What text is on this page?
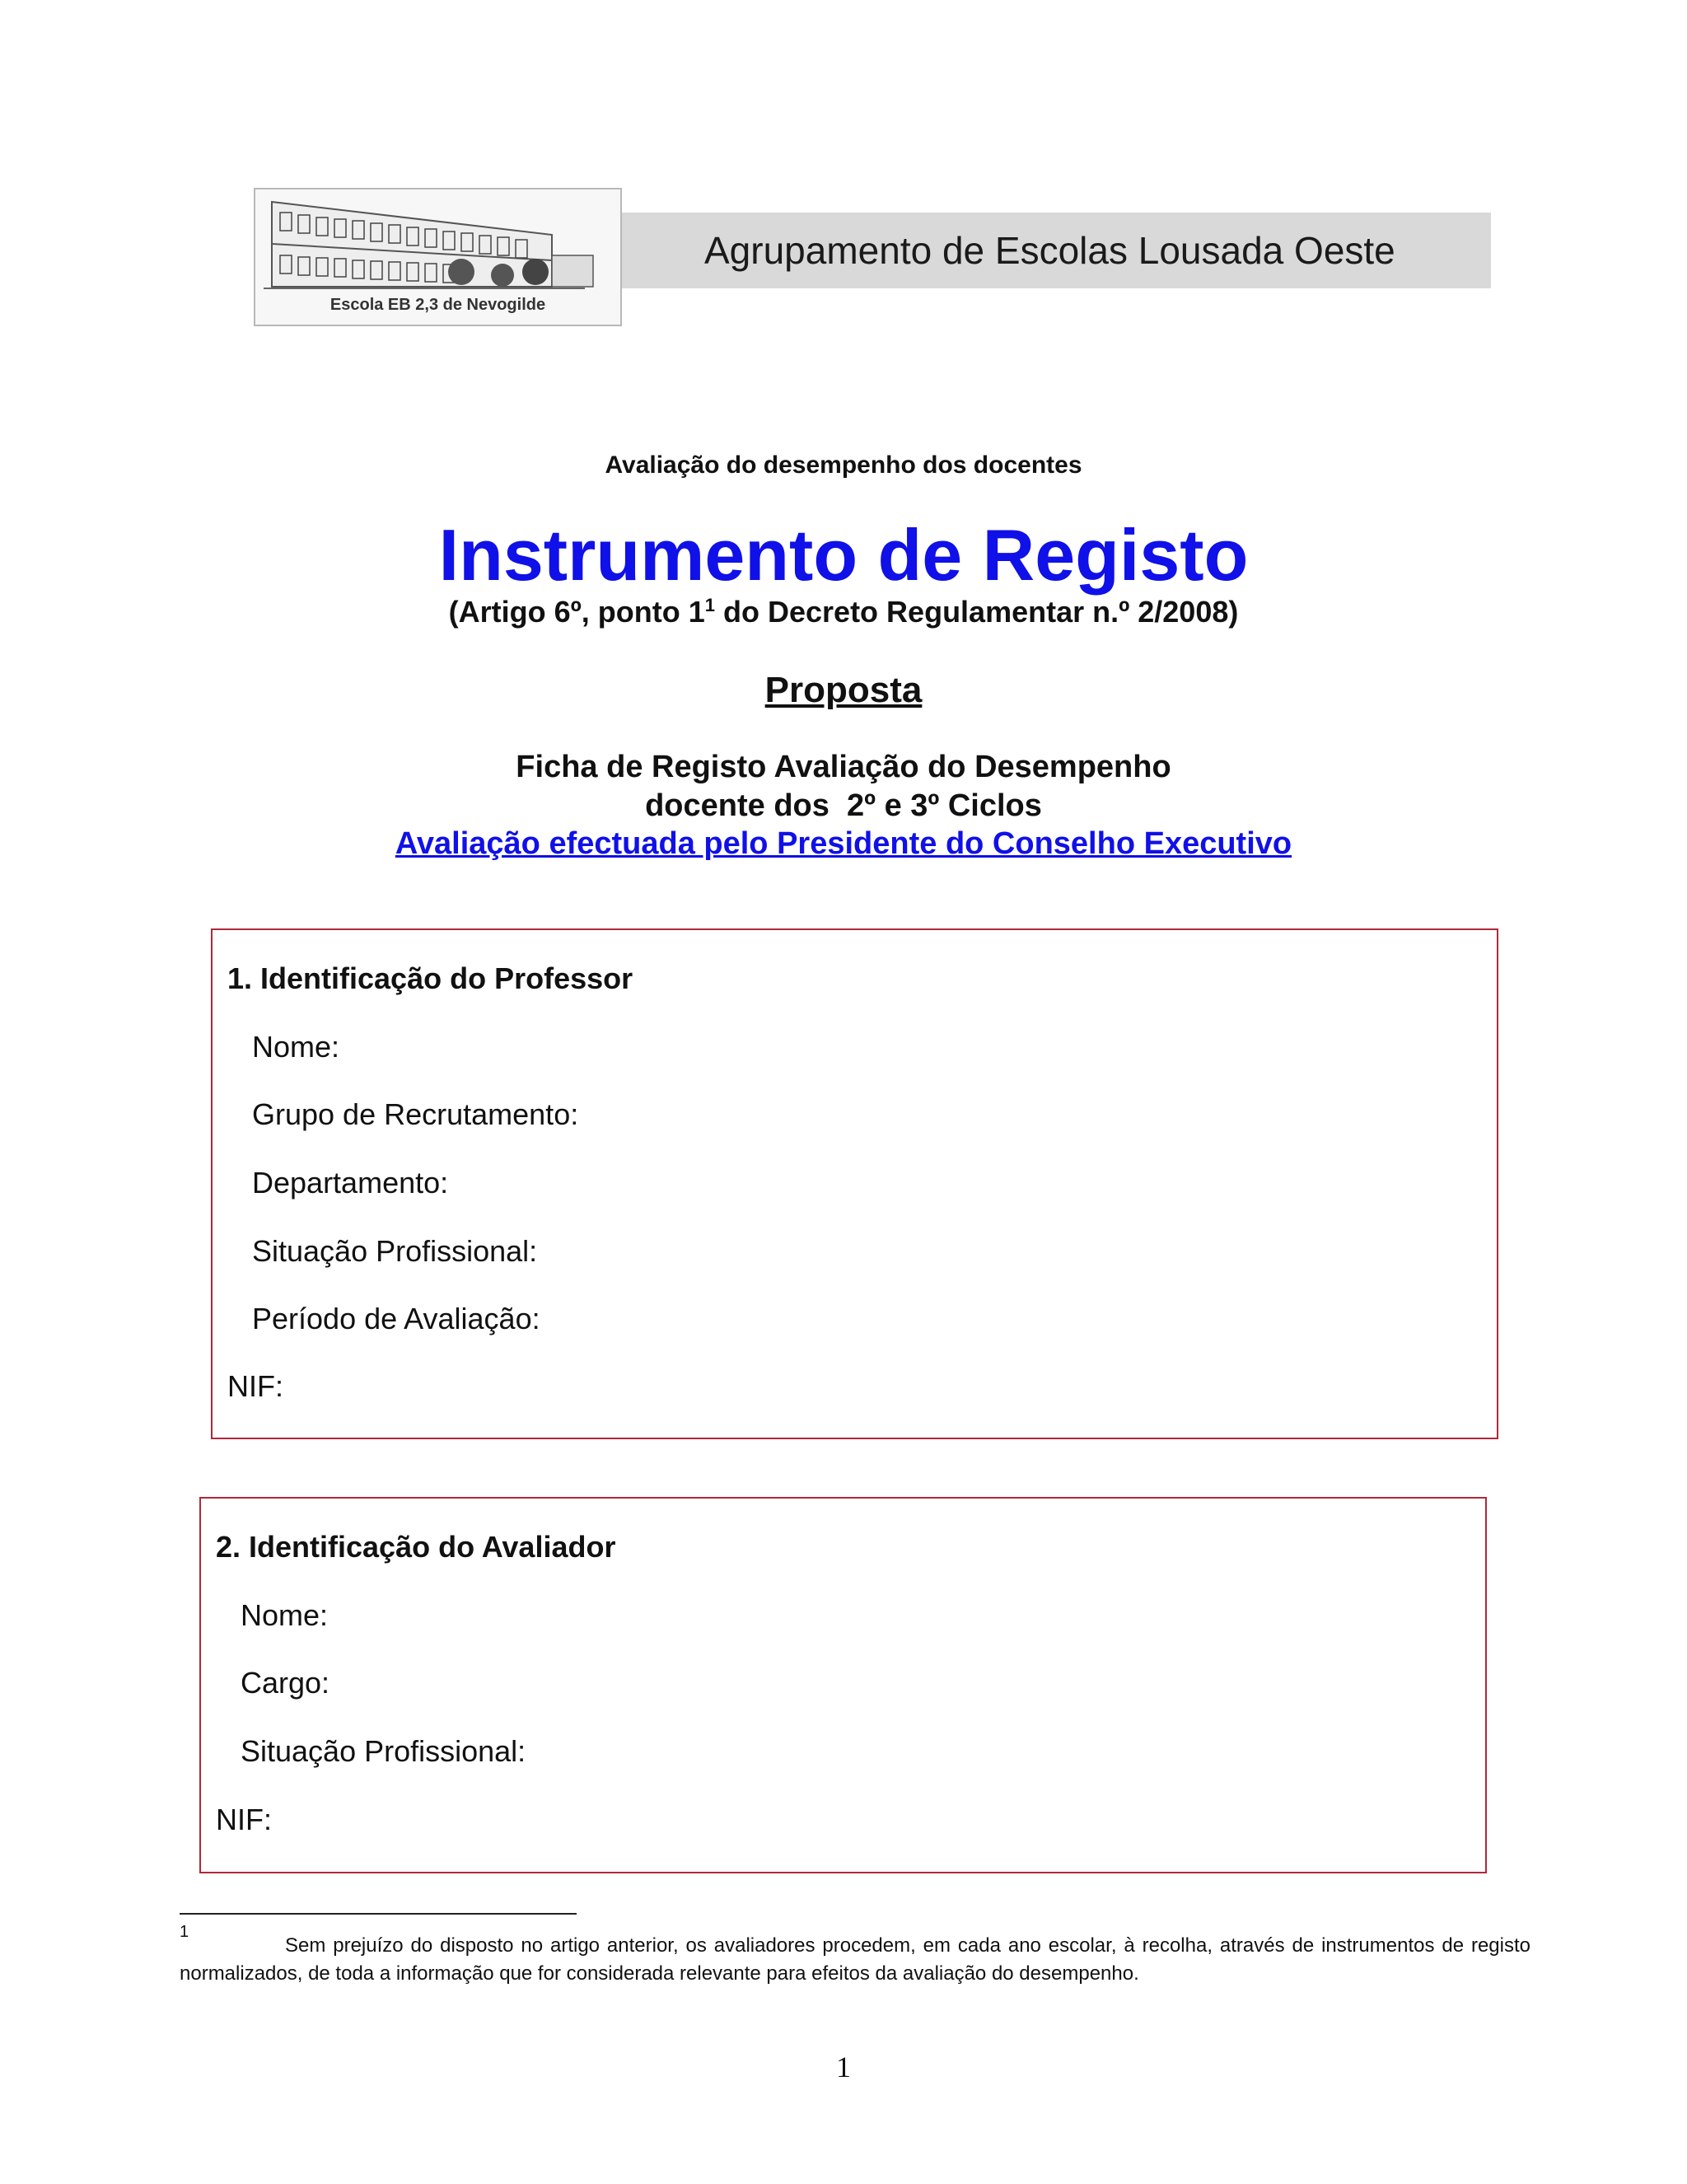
Escola EB 2,3 de Nevogilde
Agrupamento de Escolas Lousada Oeste
Avaliação do desempenho dos docentes
Instrumento de Registo
(Artigo 6º, ponto $1^1$ do Decreto Regulamentar n.º 2/2008)
Proposta
Ficha de Registo Avaliação do Desempenho
docente dos  2º e 3º Ciclos
Avaliação efectuada pelo Presidente do Conselho Executivo
1. Identificação do Professor
Nome:
Grupo de Recrutamento:
Departamento:
Situação Profissional:
Período de Avaliação:
NIF:
2. Identificação do Avaliador
Nome:
Cargo:
Situação Profissional:
NIF:
1
Sem prejuízo do disposto no artigo anterior, os avaliadores procedem, em cada ano escolar, à recolha, através de instrumentos de registo normalizados, de toda a informação que for considerada relevante para efeitos da avaliação do desempenho.
1
